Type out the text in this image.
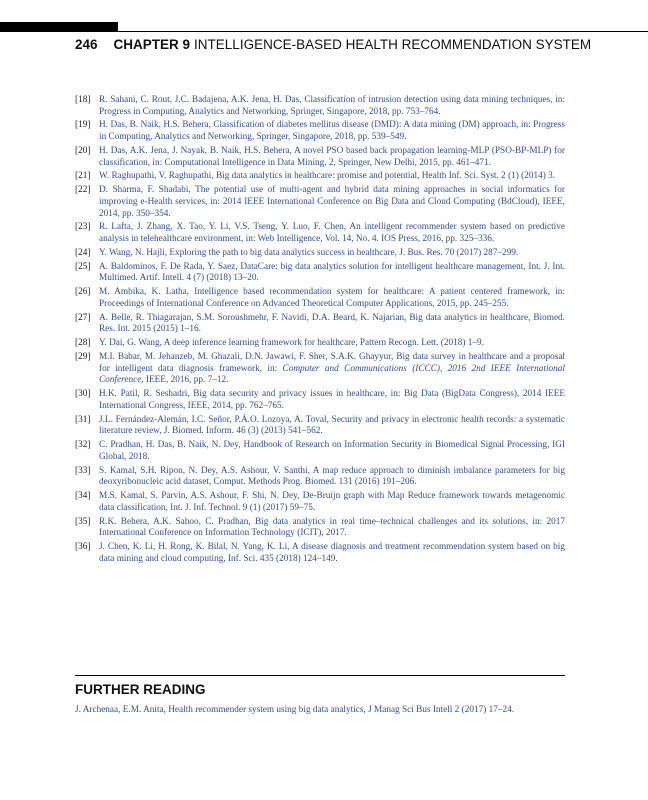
246 CHAPTER 9 INTELLIGENCE-BASED HEALTH RECOMMENDATION SYSTEM
[18] R. Sahani, C. Rout, J.C. Badajena, A.K. Jena, H. Das, Classification of intrusion detection using data mining techniques, in: Progress in Computing, Analytics and Networking, Springer, Singapore, 2018, pp. 753–764.
[19] H. Das, B. Naik, H.S. Behera, Classification of diabetes mellitus disease (DMD): A data mining (DM) approach, in: Progress in Computing, Analytics and Networking, Springer, Singapore, 2018, pp. 539–549.
[20] H. Das, A.K. Jena, J. Nayak, B. Naik, H.S. Behera, A novel PSO based back propagation learning-MLP (PSO-BP-MLP) for classification, in: Computational Intelligence in Data Mining, 2, Springer, New Delhi, 2015, pp. 461–471.
[21] W. Raghupathi, V. Raghupathi, Big data analytics in healthcare: promise and potential, Health Inf. Sci. Syst. 2 (1) (2014) 3.
[22] D. Sharma, F. Shadabi, The potential use of multi-agent and hybrid data mining approaches in social informatics for improving e-Health services, in: 2014 IEEE International Conference on Big Data and Cloud Computing (BdCloud), IEEE, 2014, pp. 350–354.
[23] R. Lafta, J. Zhang, X. Tao, Y. Li, V.S. Tseng, Y. Luo, F. Chen, An intelligent recommender system based on predictive analysis in telehealthcare environment, in: Web Intelligence, Vol. 14, No. 4. IOS Press, 2016, pp. 325–336.
[24] Y. Wang, N. Hajli, Exploring the path to big data analytics success in healthcare, J. Bus. Res. 70 (2017) 287–299.
[25] A. Baldominos, F. De Rada, Y. Saez, DataCare: big data analytics solution for intelligent healthcare management, Int. J. Int. Multimed. Artif. Intell. 4 (7) (2018) 13–20.
[26] M. Ambika, K. Latha, Intelligence based recommendation system for healthcare: A patient centered framework, in: Proceedings of International Conference on Advanced Theoretical Computer Applications, 2015, pp. 245–255.
[27] A. Belle, R. Thiagarajan, S.M. Soroushmehr, F. Navidi, D.A. Beard, K. Najarian, Big data analytics in healthcare, Biomed. Res. Int. 2015 (2015) 1–16.
[28] Y. Dai, G. Wang, A deep inference learning framework for healthcare, Pattern Recogn. Lett. (2018) 1–9.
[29] M.I. Babar, M. Jehanzeb, M. Ghazali, D.N. Jawawi, F. Sher, S.A.K. Ghayyur, Big data survey in healthcare and a proposal for intelligent data diagnosis framework, in: Computer and Communications (ICCC), 2016 2nd IEEE International Conference, IEEE, 2016, pp. 7–12.
[30] H.K. Patil, R. Seshadri, Big data security and privacy issues in healthcare, in: Big Data (BigData Congress), 2014 IEEE International Congress, IEEE, 2014, pp. 762–765.
[31] J.L. Fernández-Alemán, I.C. Señor, P.Á.O. Lozoya, A. Toval, Security and privacy in electronic health records: a systematic literature review, J. Biomed. Inform. 46 (3) (2013) 541–562.
[32] C. Pradhan, H. Das, B. Naik, N. Dey, Handbook of Research on Information Security in Biomedical Signal Processing, IGI Global, 2018.
[33] S. Kamal, S.H. Ripon, N. Dey, A.S. Ashour, V. Santhi, A map reduce approach to diminish imbalance parameters for big deoxyribonucleic acid dataset, Comput. Methods Prog. Biomed. 131 (2016) 191–206.
[34] M.S. Kamal, S. Parvin, A.S. Ashour, F. Shi, N. Dey, De-Bruijn graph with Map Reduce framework towards metagenomic data classification, Int. J. Inf. Technol. 9 (1) (2017) 59–75.
[35] R.K. Behera, A.K. Sahoo, C. Pradhan, Big data analytics in real time–technical challenges and its solutions, in: 2017 International Conference on Information Technology (ICIT), 2017.
[36] J. Chen, K. Li, H. Rong, K. Bilal, N. Yang, K. Li, A disease diagnosis and treatment recommendation system based on big data mining and cloud computing, Inf. Sci. 435 (2018) 124–149.
FURTHER READING

J. Archenaa, E.M. Anita, Health recommender system using big data analytics, J Manag Sci Bus Intell 2 (2017) 17–24.
